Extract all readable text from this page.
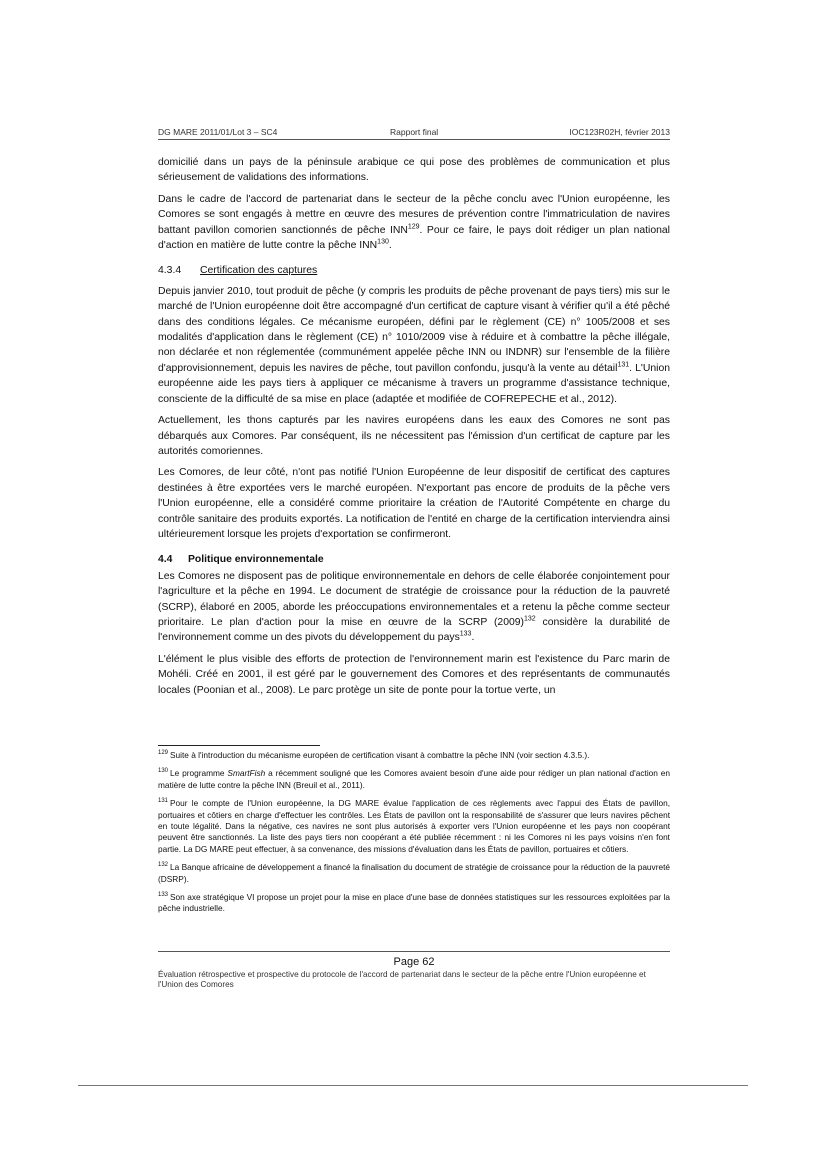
DG MARE 2011/01/Lot 3 – SC4	Rapport final	IOC123R02H, février 2013

domicilié dans un pays de la péninsule arabique ce qui pose des problèmes de communication et plus sérieusement de validations des informations.

Dans le cadre de l'accord de partenariat dans le secteur de la pêche conclu avec l'Union européenne, les Comores se sont engagés à mettre en œuvre des mesures de prévention contre l'immatriculation de navires battant pavillon comorien sanctionnés de pêche INN$^{129}$. Pour ce faire, le pays doit rédiger un plan national d'action en matière de lutte contre la pêche INN$^{130}$.

4.3.4 Certification des captures

Depuis janvier 2010, tout produit de pêche (y compris les produits de pêche provenant de pays tiers) mis sur le marché de l'Union européenne doit être accompagné d'un certificat de capture visant à vérifier qu'il a été pêché dans des conditions légales. Ce mécanisme européen, défini par le règlement (CE) n° 1005/2008 et ses modalités d'application dans le règlement (CE) n° 1010/2009 vise à réduire et à combattre la pêche illégale, non déclarée et non réglementée (communément appelée pêche INN ou INDNR) sur l'ensemble de la filière d'approvisionnement, depuis les navires de pêche, tout pavillon confondu, jusqu'à la vente au détail$^{131}$. L'Union européenne aide les pays tiers à appliquer ce mécanisme à travers un programme d'assistance technique, consciente de la difficulté de sa mise en place (adaptée et modifiée de COFREPECHE et al., 2012).

Actuellement, les thons capturés par les navires européens dans les eaux des Comores ne sont pas débarqués aux Comores. Par conséquent, ils ne nécessitent pas l'émission d'un certificat de capture par les autorités comoriennes.

Les Comores, de leur côté, n'ont pas notifié l'Union Européenne de leur dispositif de certificat des captures destinées à être exportées vers le marché européen. N'exportant pas encore de produits de la pêche vers l'Union européenne, elle a considéré comme prioritaire la création de l'Autorité Compétente en charge du contrôle sanitaire des produits exportés. La notification de l'entité en charge de la certification interviendra ainsi ultérieurement lorsque les projets d'exportation se confirmeront.

4.4 Politique environnementale

Les Comores ne disposent pas de politique environnementale en dehors de celle élaborée conjointement pour l'agriculture et la pêche en 1994. Le document de stratégie de croissance pour la réduction de la pauvreté (SCRP), élaboré en 2005, aborde les préoccupations environnementales et a retenu la pêche comme secteur prioritaire. Le plan d'action pour la mise en œuvre de la SCRP $(2009)^{132}$ considère la durabilité de l'environnement comme un des pivots du développement du pays$^{133}$.

L'élément le plus visible des efforts de protection de l'environnement marin est l'existence du Parc marin de Mohéli. Créé en 2001, il est géré par le gouvernement des Comores et des représentants de communautés locales (Poonian et al., 2008). Le parc protège un site de ponte pour la tortue verte, un

$^{129}$ Suite à l'introduction du mécanisme européen de certification visant à combattre la pêche INN (voir section 4.3.5.).
$^{130}$ Le programme SmartFish a récemment souligné que les Comores avaient besoin d'une aide pour rédiger un plan national d'action en matière de lutte contre la pêche INN (Breuil et al., 2011).
$^{131}$ Pour le compte de l'Union européenne, la DG MARE évalue l'application de ces règlements avec l'appui des États de pavillon, portuaires et côtiers en charge d'effectuer les contrôles. Les États de pavillon ont la responsabilité de s'assurer que leurs navires pêchent en toute légalité. Dans la négative, ces navires ne sont plus autorisés à exporter vers l'Union européenne et les pays non coopérant peuvent être sanctionnés. La liste des pays tiers non coopérant a été publiée récemment : ni les Comores ni les pays voisins n'en font partie. La DG MARE peut effectuer, à sa convenance, des missions d'évaluation dans les États de pavillon, portuaires et côtiers.
$^{132}$ La Banque africaine de développement a financé la finalisation du document de stratégie de croissance pour la réduction de la pauvreté (DSRP).
$^{133}$ Son axe stratégique VI propose un projet pour la mise en place d'une base de données statistiques sur les ressources exploitées par la pêche industrielle.
Page 62
Évaluation rétrospective et prospective du protocole de l'accord de partenariat dans le secteur de la pêche entre l'Union européenne et l'Union des Comores
